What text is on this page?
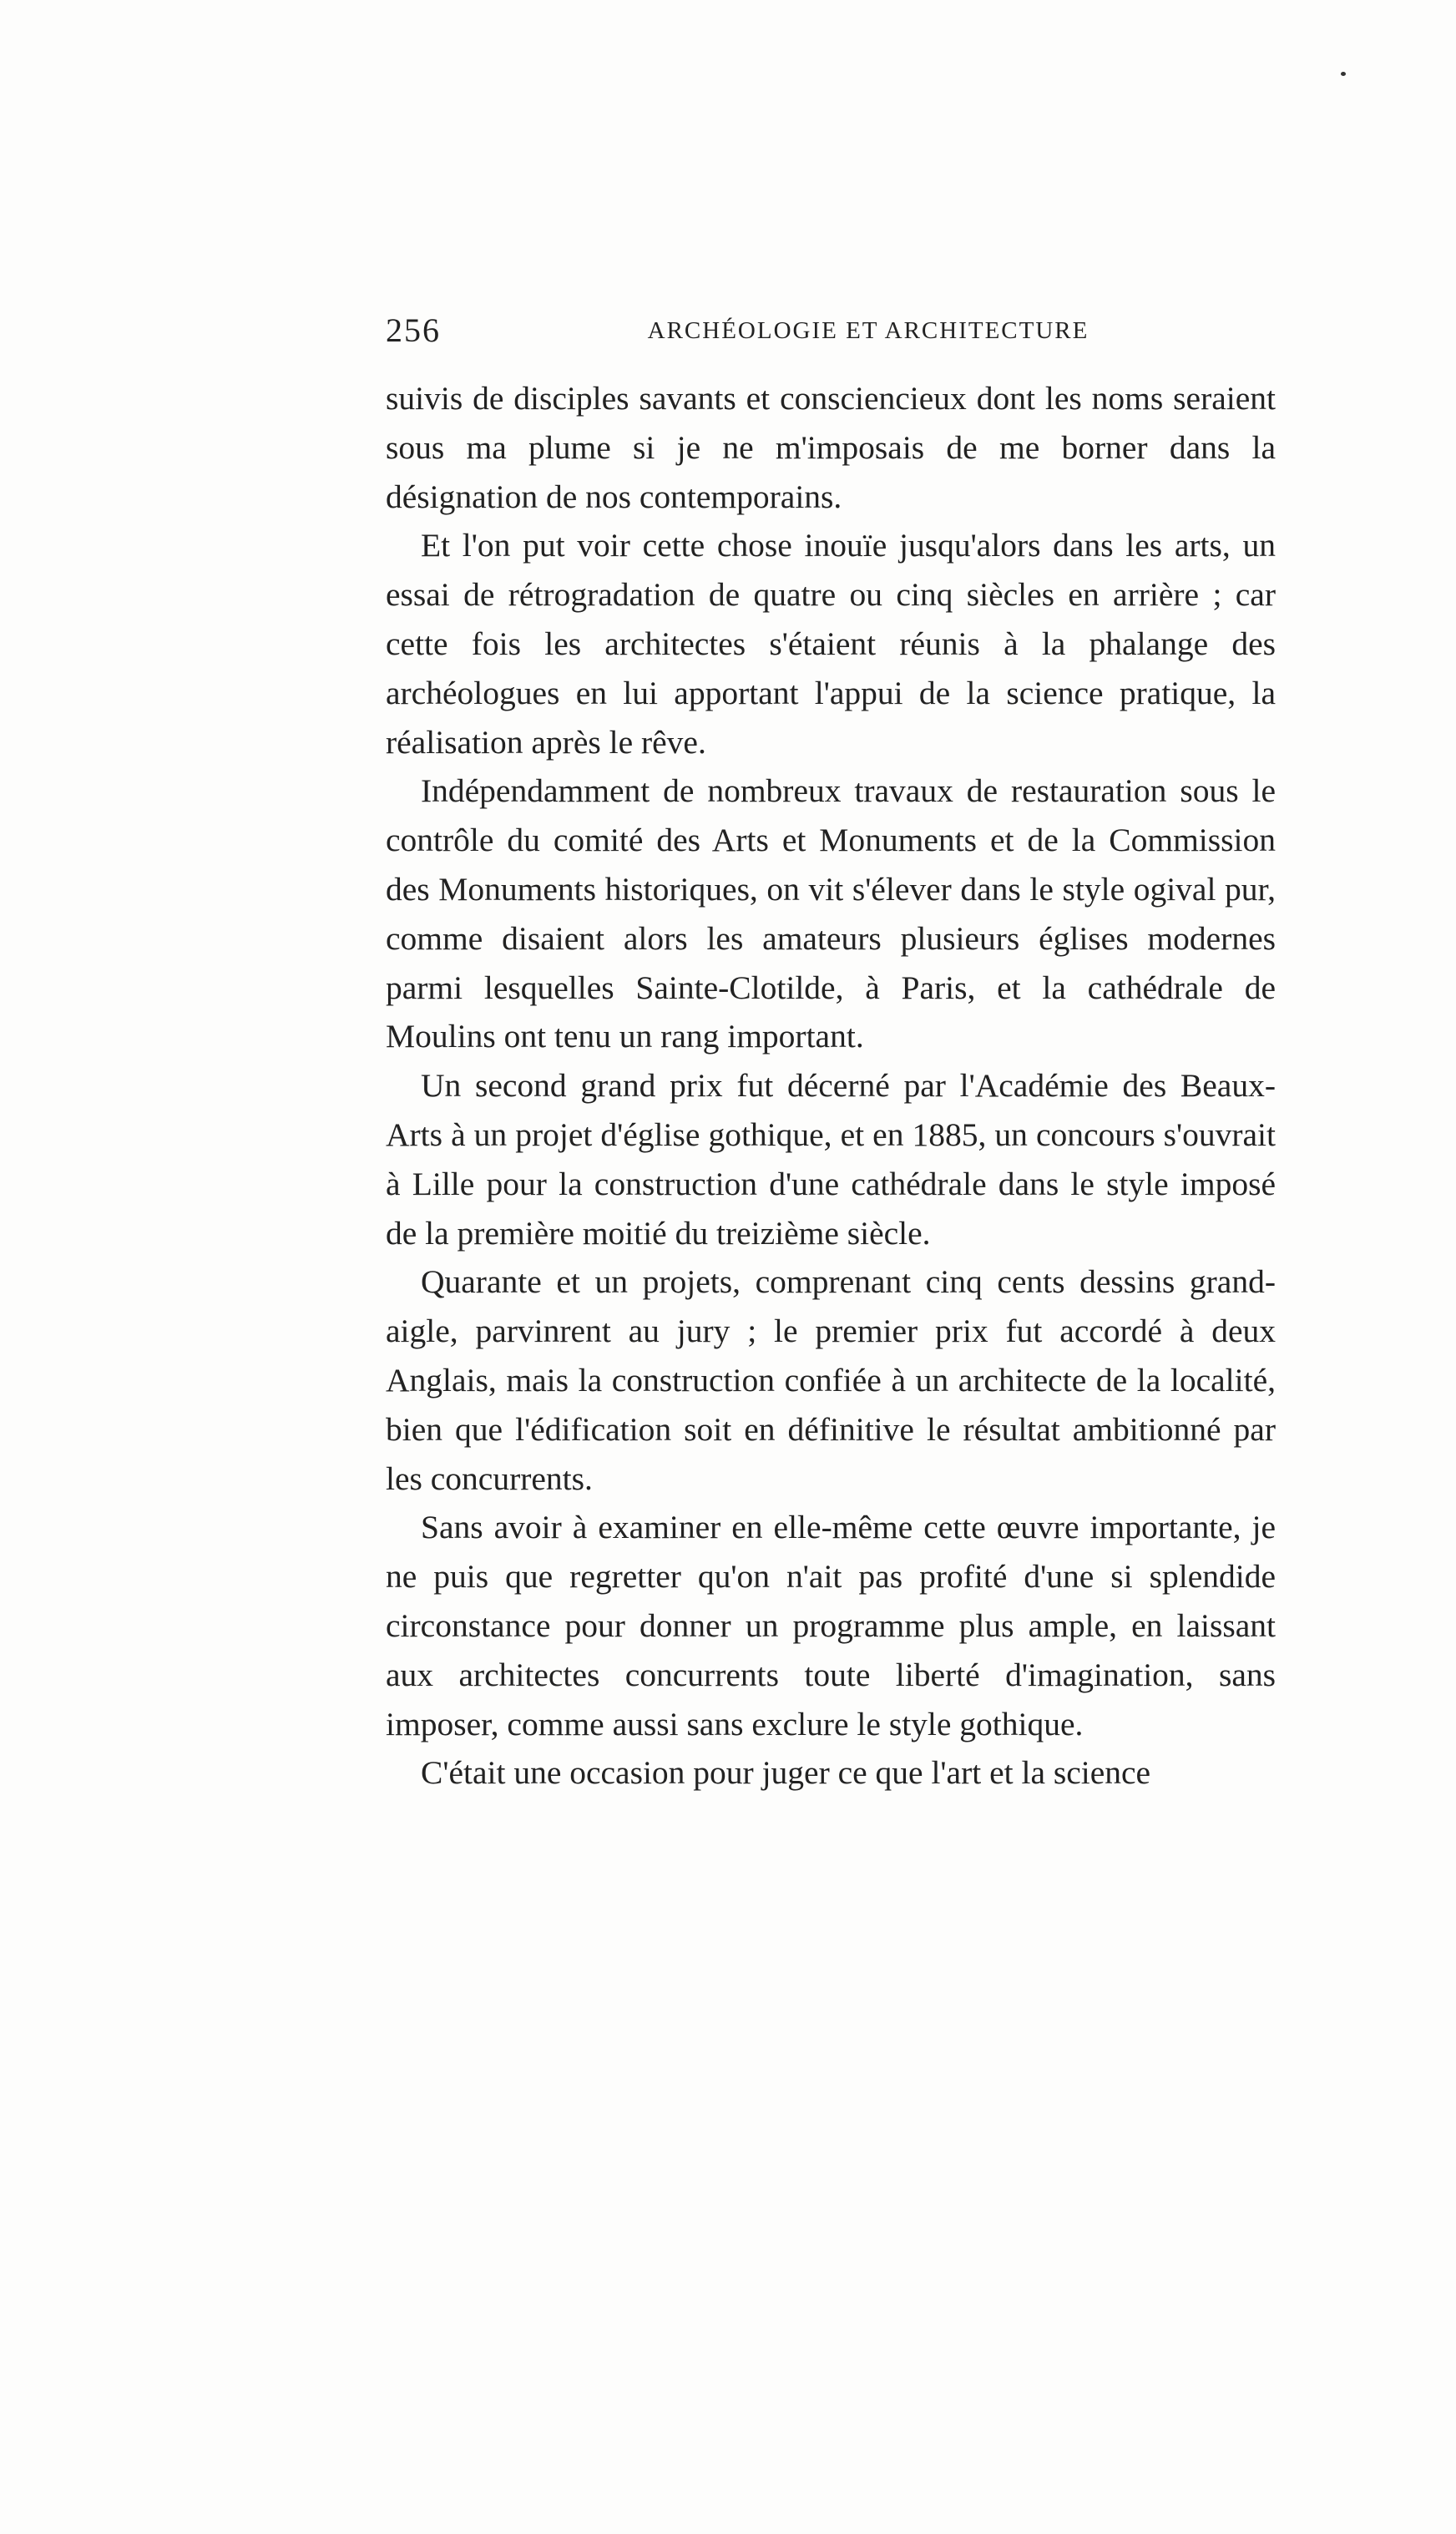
256	ARCHÉOLOGIE ET ARCHITECTURE

suivis de disciples savants et consciencieux dont les noms seraient sous ma plume si je ne m'imposais de me borner dans la désignation de nos contemporains.

Et l'on put voir cette chose inouïe jusqu'alors dans les arts, un essai de rétrogradation de quatre ou cinq siècles en arrière ; car cette fois les architectes s'étaient réunis à la phalange des archéologues en lui apportant l'appui de la science pratique, la réalisation après le rêve.

Indépendamment de nombreux travaux de restauration sous le contrôle du comité des Arts et Monuments et de la Commission des Monuments historiques, on vit s'élever dans le style ogival pur, comme disaient alors les amateurs plusieurs églises modernes parmi lesquelles Sainte-Clotilde, à Paris, et la cathédrale de Moulins ont tenu un rang important.

Un second grand prix fut décerné par l'Académie des Beaux-Arts à un projet d'église gothique, et en 1885, un concours s'ouvrait à Lille pour la construction d'une cathédrale dans le style imposé de la première moitié du treizième siècle.

Quarante et un projets, comprenant cinq cents dessins grand-aigle, parvinrent au jury ; le premier prix fut accordé à deux Anglais, mais la construction confiée à un architecte de la localité, bien que l'édification soit en définitive le résultat ambitionné par les concurrents.

Sans avoir à examiner en elle-même cette œuvre importante, je ne puis que regretter qu'on n'ait pas profité d'une si splendide circonstance pour donner un programme plus ample, en laissant aux architectes concurrents toute liberté d'imagination, sans imposer, comme aussi sans exclure le style gothique.

C'était une occasion pour juger ce que l'art et la science
